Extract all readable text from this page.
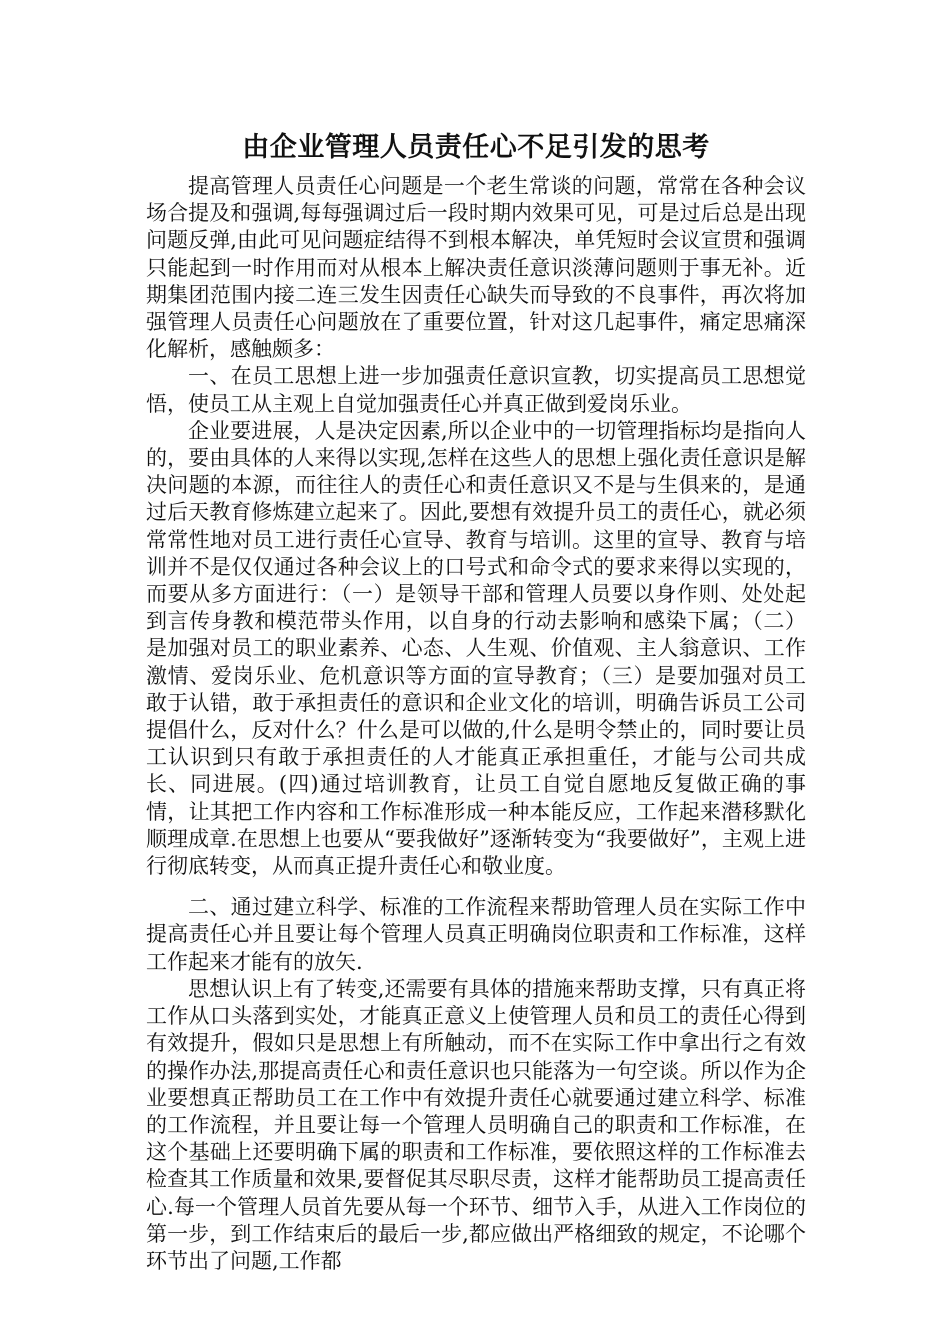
由企业管理人员责任心不足引发的思考

提高管理人员责任心问题是一个老生常谈的问题，常常在各种会议场合提及和强调,每每强调过后一段时期内效果可见，可是过后总是出现问题反弹,由此可见问题症结得不到根本解决，单凭短时会议宣贯和强调只能起到一时作用而对从根本上解决责任意识淡薄问题则于事无补。近期集团范围内接二连三发生因责任心缺失而导致的不良事件，再次将加强管理人员责任心问题放在了重要位置，针对这几起事件，痛定思痛深化解析，感触颇多：

一、在员工思想上进一步加强责任意识宣教，切实提高员工思想觉悟，使员工从主观上自觉加强责任心并真正做到爱岗乐业。

企业要进展，人是决定因素,所以企业中的一切管理指标均是指向人的，要由具体的人来得以实现,怎样在这些人的思想上强化责任意识是解决问题的本源，而往往人的责任心和责任意识又不是与生俱来的，是通过后天教育修炼建立起来了。因此,要想有效提升员工的责任心，就必须常常性地对员工进行责任心宣导、教育与培训。这里的宣导、教育与培训并不是仅仅通过各种会议上的口号式和命令式的要求来得以实现的，而要从多方面进行：（一）是领导干部和管理人员要以身作则、处处起到言传身教和模范带头作用，以自身的行动去影响和感染下属；（二）是加强对员工的职业素养、心态、人生观、价值观、主人翁意识、工作激情、爱岗乐业、危机意识等方面的宣导教育；（三）是要加强对员工敢于认错，敢于承担责任的意识和企业文化的培训，明确告诉员工公司提倡什么，反对什么？什么是可以做的,什么是明令禁止的，同时要让员工认识到只有敢于承担责任的人才能真正承担重任，才能与公司共成长、同进展。(四)通过培训教育，让员工自觉自愿地反复做正确的事情，让其把工作内容和工作标准形成一种本能反应，工作起来潜移默化顺理成章.在思想上也要从“要我做好”逐渐转变为“我要做好”，主观上进行彻底转变，从而真正提升责任心和敬业度。

二、通过建立科学、标准的工作流程来帮助管理人员在实际工作中提高责任心并且要让每个管理人员真正明确岗位职责和工作标准，这样工作起来才能有的放矢.

思想认识上有了转变,还需要有具体的措施来帮助支撑，只有真正将工作从口头落到实处，才能真正意义上使管理人员和员工的责任心得到有效提升，假如只是思想上有所触动，而不在实际工作中拿出行之有效的操作办法,那提高责任心和责任意识也只能落为一句空谈。所以作为企业要想真正帮助员工在工作中有效提升责任心就要通过建立科学、标准的工作流程，并且要让每一个管理人员明确自己的职责和工作标准，在这个基础上还要明确下属的职责和工作标准，要依照这样的工作标准去检查其工作质量和效果,要督促其尽职尽责，这样才能帮助员工提高责任心.每一个管理人员首先要从每一个环节、细节入手，从进入工作岗位的第一步，到工作结束后的最后一步,都应做出严格细致的规定，不论哪个环节出了问题,工作都
